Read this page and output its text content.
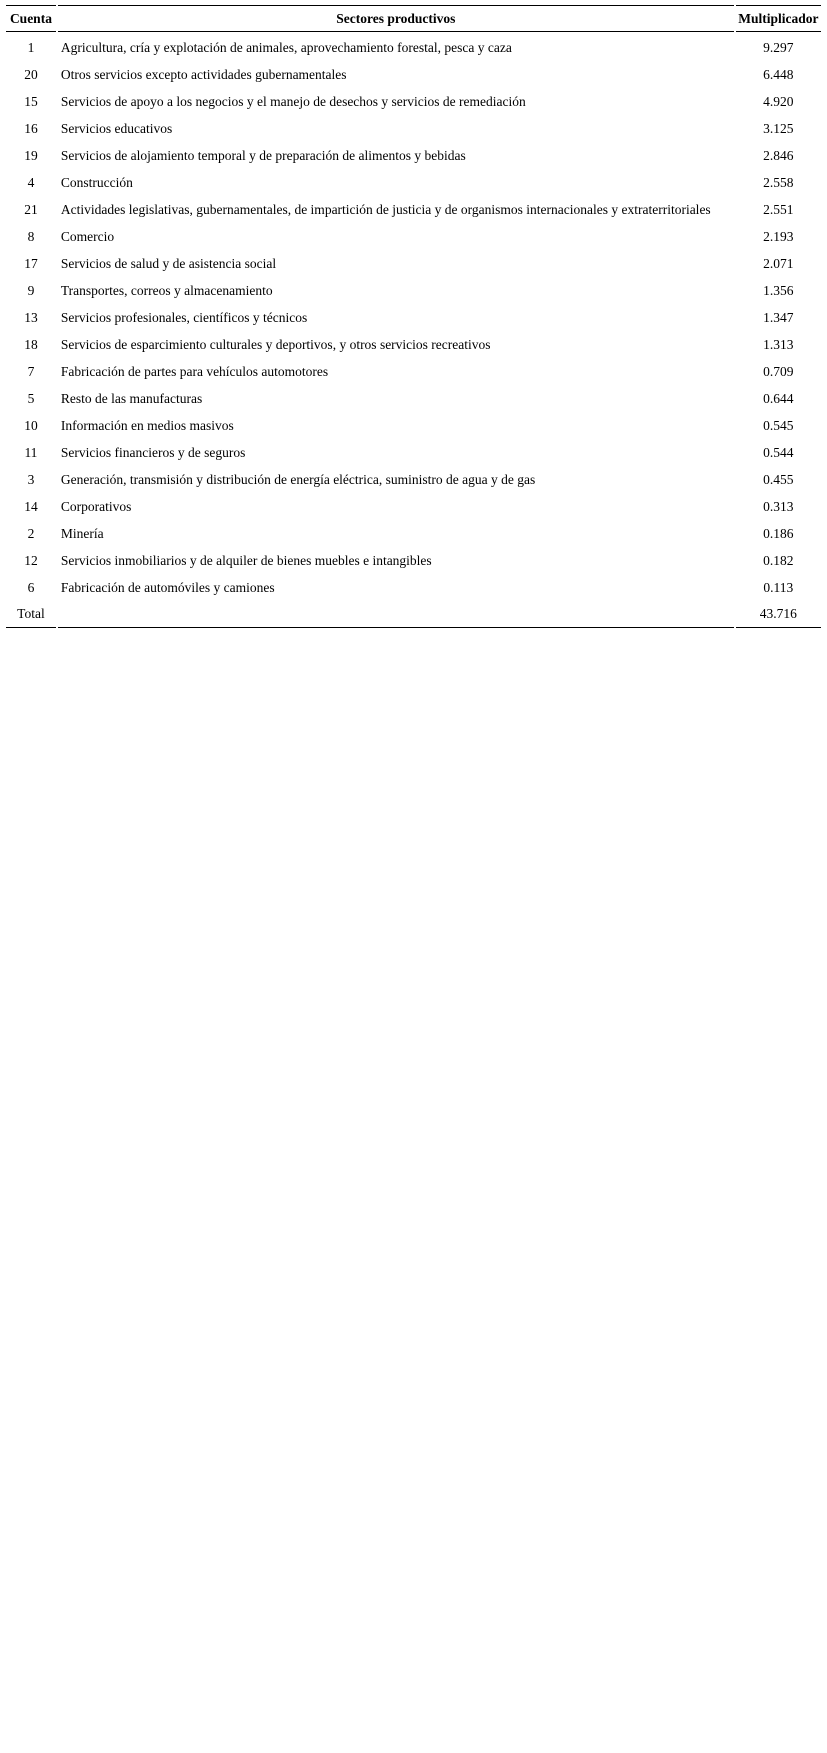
Cuenta	Sectores productivos	Multiplicador
1	Agricultura, cría y explotación de animales, aprovechamiento forestal, pesca y caza	9.297
20	Otros servicios excepto actividades gubernamentales	6.448
15	Servicios de apoyo a los negocios y el manejo de desechos y servicios de remediación	4.920
16	Servicios educativos	3.125
19	Servicios de alojamiento temporal y de preparación de alimentos y bebidas	2.846
4	Construcción	2.558
21	Actividades legislativas, gubernamentales, de impartición de justicia y de organismos internacionales y extraterritoriales	2.551
8	Comercio	2.193
17	Servicios de salud y de asistencia social	2.071
9	Transportes, correos y almacenamiento	1.356
13	Servicios profesionales, científicos y técnicos	1.347
18	Servicios de esparcimiento culturales y deportivos, y otros servicios recreativos	1.313
7	Fabricación de partes para vehículos automotores	0.709
5	Resto de las manufacturas	0.644
10	Información en medios masivos	0.545
11	Servicios financieros y de seguros	0.544
3	Generación, transmisión y distribución de energía eléctrica, suministro de agua y de gas	0.455
14	Corporativos	0.313
2	Minería	0.186
12	Servicios inmobiliarios y de alquiler de bienes muebles e intangibles	0.182
6	Fabricación de automóviles y camiones	0.113
Total		43.716
